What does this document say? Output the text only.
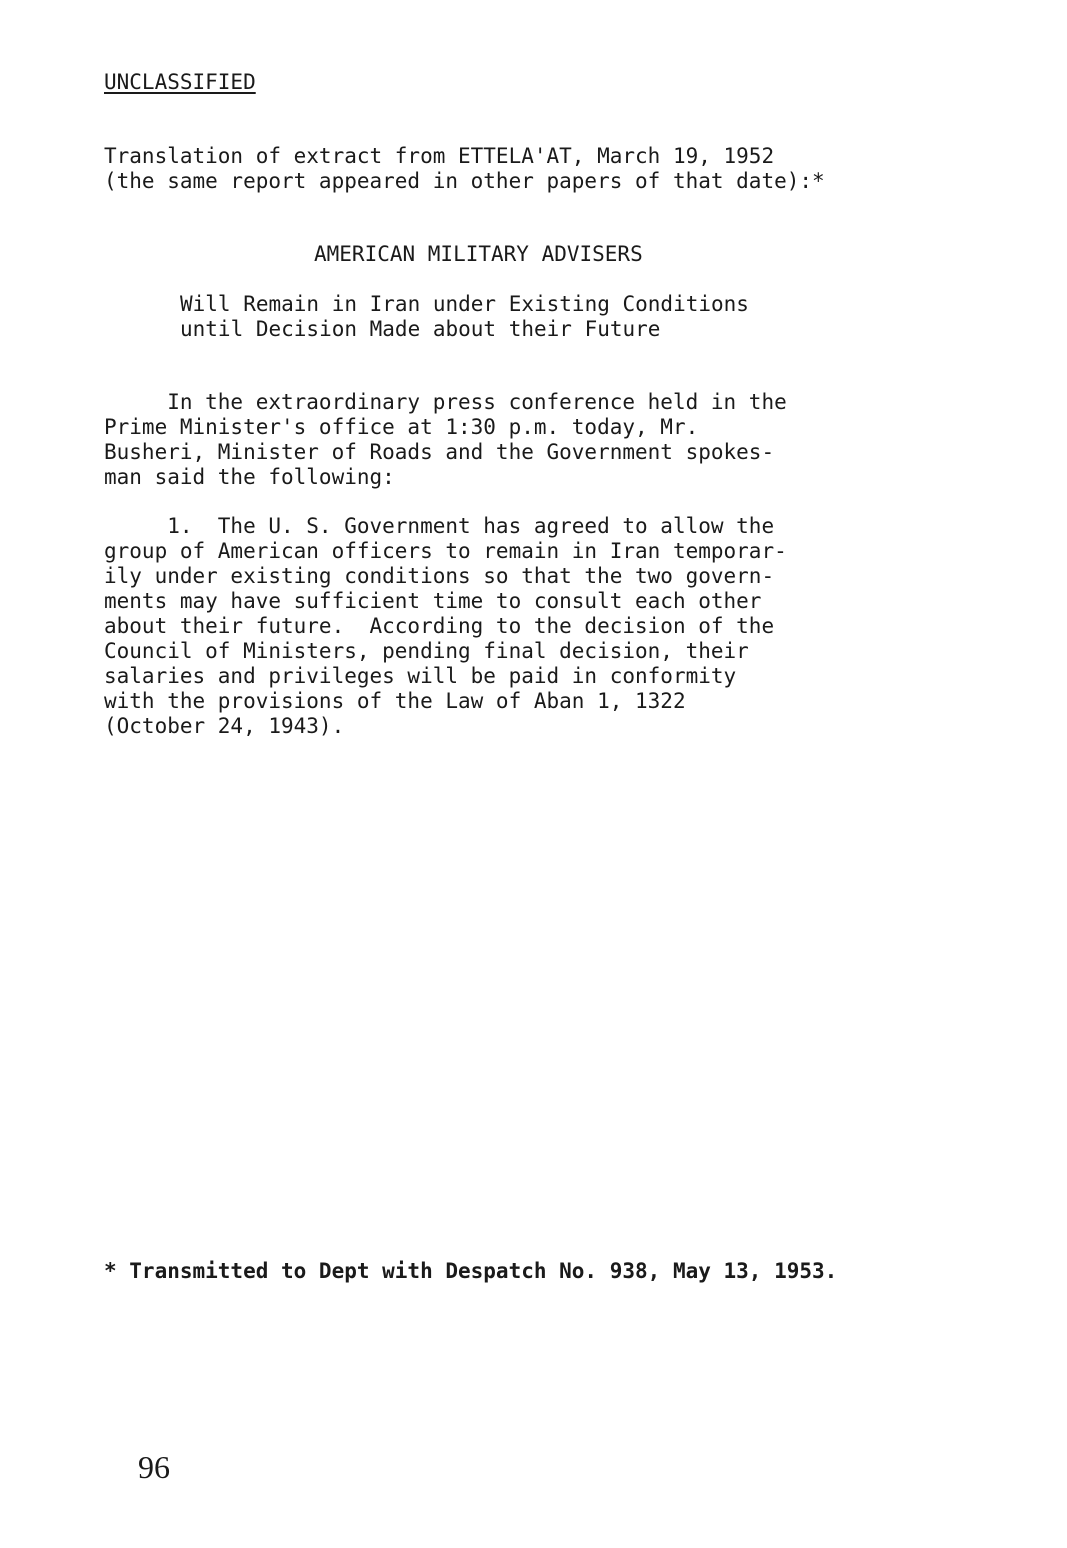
UNCLASSIFIED

Translation of extract from ETTELA'AT, March 19, 1952
(the same report appeared in other papers of that date):*

AMERICAN MILITARY ADVISERS

Will Remain in Iran under Existing Conditions
until Decision Made about their Future

In the extraordinary press conference held in the
Prime Minister's office at 1:30 p.m. today, Mr.
Busheri, Minister of Roads and the Government spokes-
man said the following:

1.  The U. S. Government has agreed to allow the
group of American officers to remain in Iran temporar-
ily under existing conditions so that the two govern-
ments may have sufficient time to consult each other
about their future.  According to the decision of the
Council of Ministers, pending final decision, their
salaries and privileges will be paid in conformity
with the provisions of the Law of Aban 1, 1322
(October 24, 1943).

* Transmitted to Dept with Despatch No. 938, May 13, 1953.

96
